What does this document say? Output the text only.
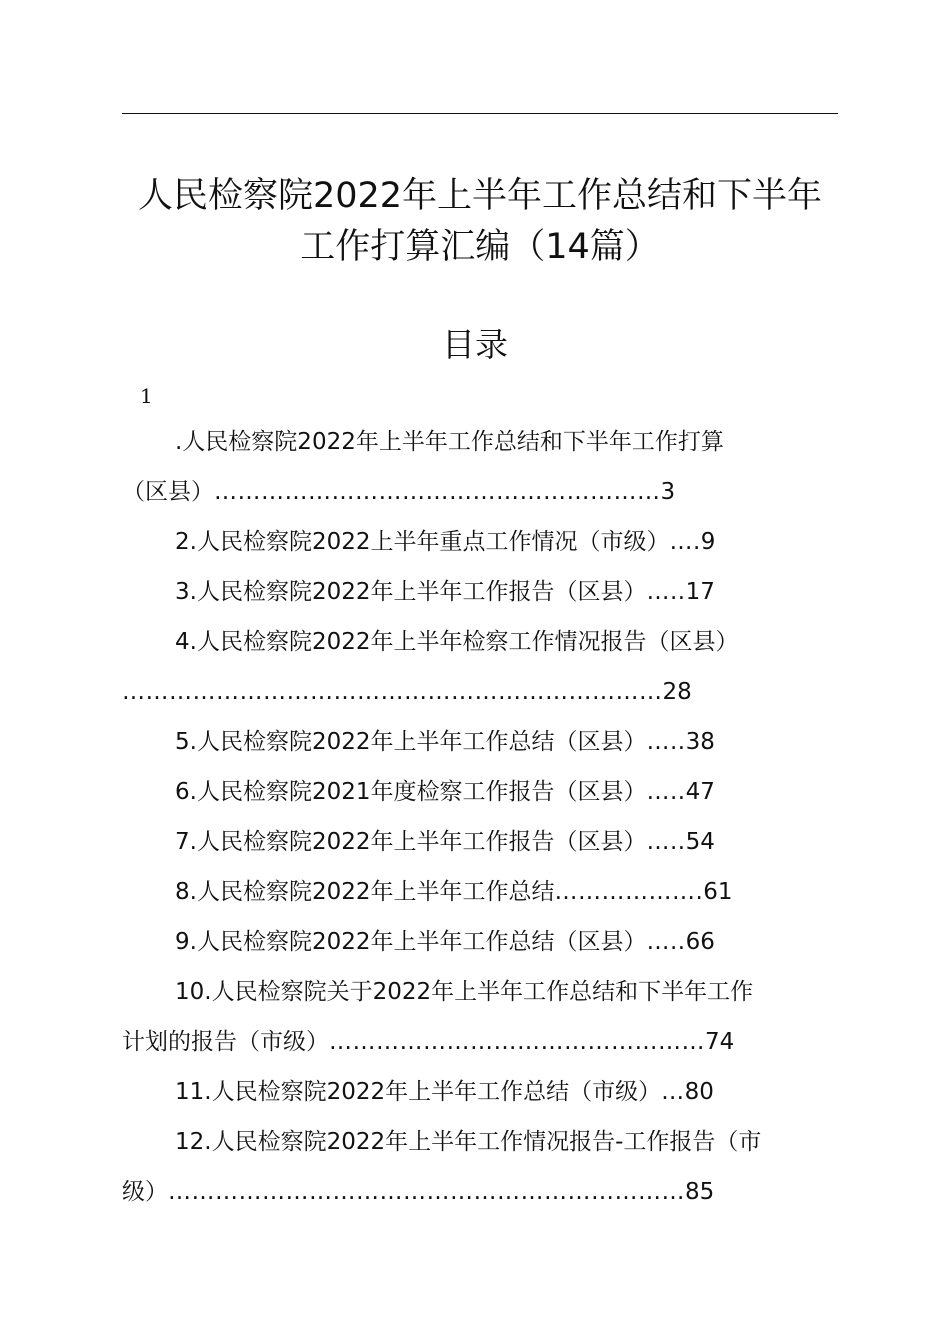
人民检察院2022年上半年工作总结和下半年
工作打算汇编（14篇）
目录
1
.人民检察院2022年上半年工作总结和下半年工作打算
（区县）…………………………………………………3
2.人民检察院2022上半年重点工作情况（市级）….9
3.人民检察院2022年上半年工作报告（区县）…..17
4.人民检察院2022年上半年检察工作情况报告（区县）
……………………………………………………………28
5.人民检察院2022年上半年工作总结（区县）…..38
6.人民检察院2021年度检察工作报告（区县）…..47
7.人民检察院2022年上半年工作报告（区县）…..54
8.人民检察院2022年上半年工作总结……………….61
9.人民检察院2022年上半年工作总结（区县）…..66
10.人民检察院关于2022年上半年工作总结和下半年工作
计划的报告（市级）…………………………………………74
11.人民检察院2022年上半年工作总结（市级）…80
12.人民检察院2022年上半年工作情况报告-工作报告（市
级）…………………………………………………………85
